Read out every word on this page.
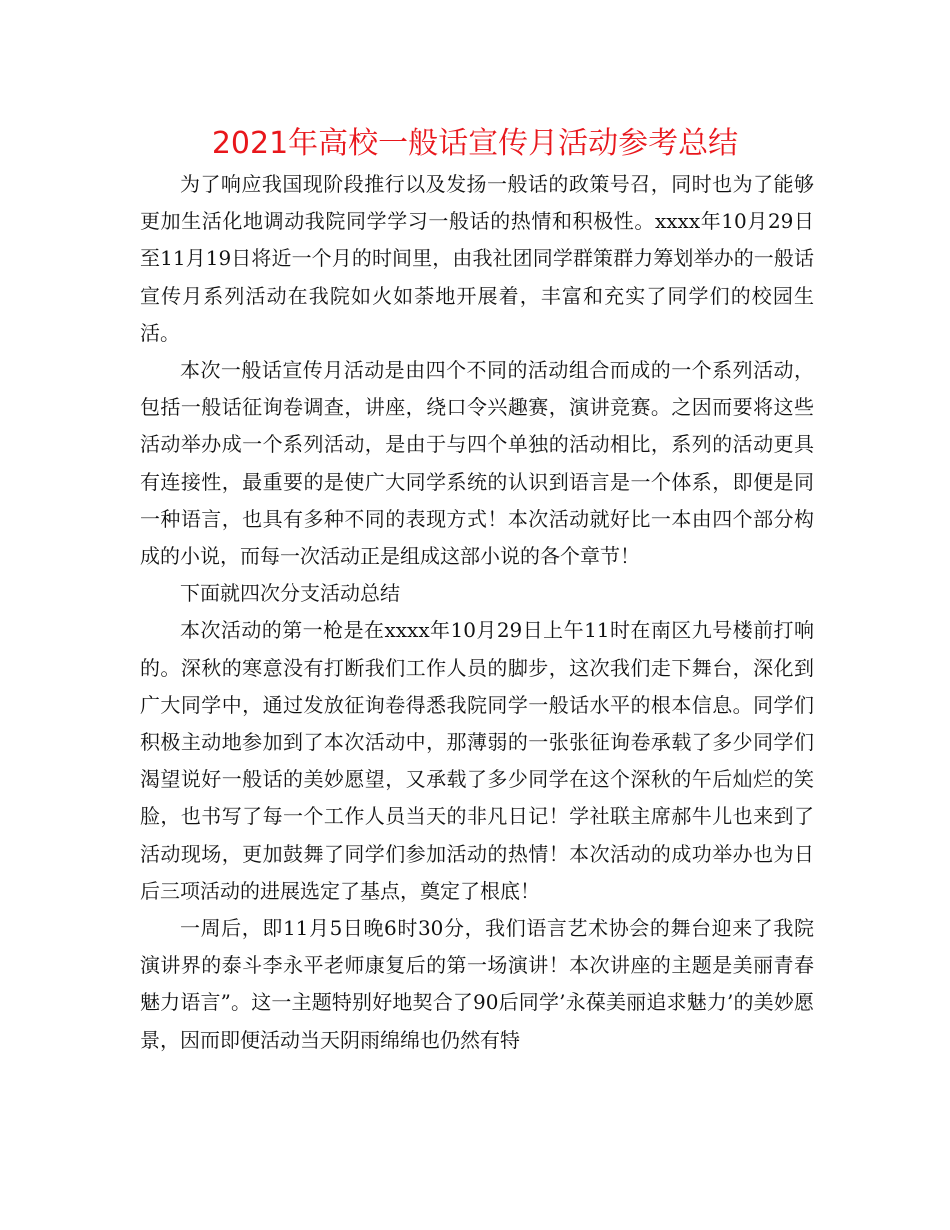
2021年高校一般话宣传月活动参考总结

为了响应我国现阶段推行以及发扬一般话的政策号召，同时也为了能够更加生活化地调动我院同学学习一般话的热情和积极性。xxxx年10月29日至11月19日将近一个月的时间里，由我社团同学群策群力筹划举办的一般话宣传月系列活动在我院如火如荼地开展着，丰富和充实了同学们的校园生活。

本次一般话宣传月活动是由四个不同的活动组合而成的一个系列活动，包括一般话征询卷调查，讲座，绕口令兴趣赛，演讲竞赛。之因而要将这些活动举办成一个系列活动，是由于与四个单独的活动相比，系列的活动更具有连接性，最重要的是使广大同学系统的认识到语言是一个体系，即便是同一种语言，也具有多种不同的表现方式！本次活动就好比一本由四个部分构成的小说，而每一次活动正是组成这部小说的各个章节！

下面就四次分支活动总结

本次活动的第一枪是在xxxx年10月29日上午11时在南区九号楼前打响的。深秋的寒意没有打断我们工作人员的脚步，这次我们走下舞台，深化到广大同学中，通过发放征询卷得悉我院同学一般话水平的根本信息。同学们积极主动地参加到了本次活动中，那薄弱的一张张征询卷承载了多少同学们渴望说好一般话的美妙愿望，又承载了多少同学在这个深秋的午后灿烂的笑脸，也书写了每一个工作人员当天的非凡日记！学社联主席郝牛儿也来到了活动现场，更加鼓舞了同学们参加活动的热情！本次活动的成功举办也为日后三项活动的进展选定了基点，奠定了根底！

一周后，即11月5日晚6时30分，我们语言艺术协会的舞台迎来了我院演讲界的泰斗李永平老师康复后的第一场演讲！本次讲座的主题是美丽青春魅力语言”。这一主题特别好地契合了90后同学’永葆美丽追求魅力’的美妙愿景，因而即便活动当天阴雨绵绵也仍然有特
